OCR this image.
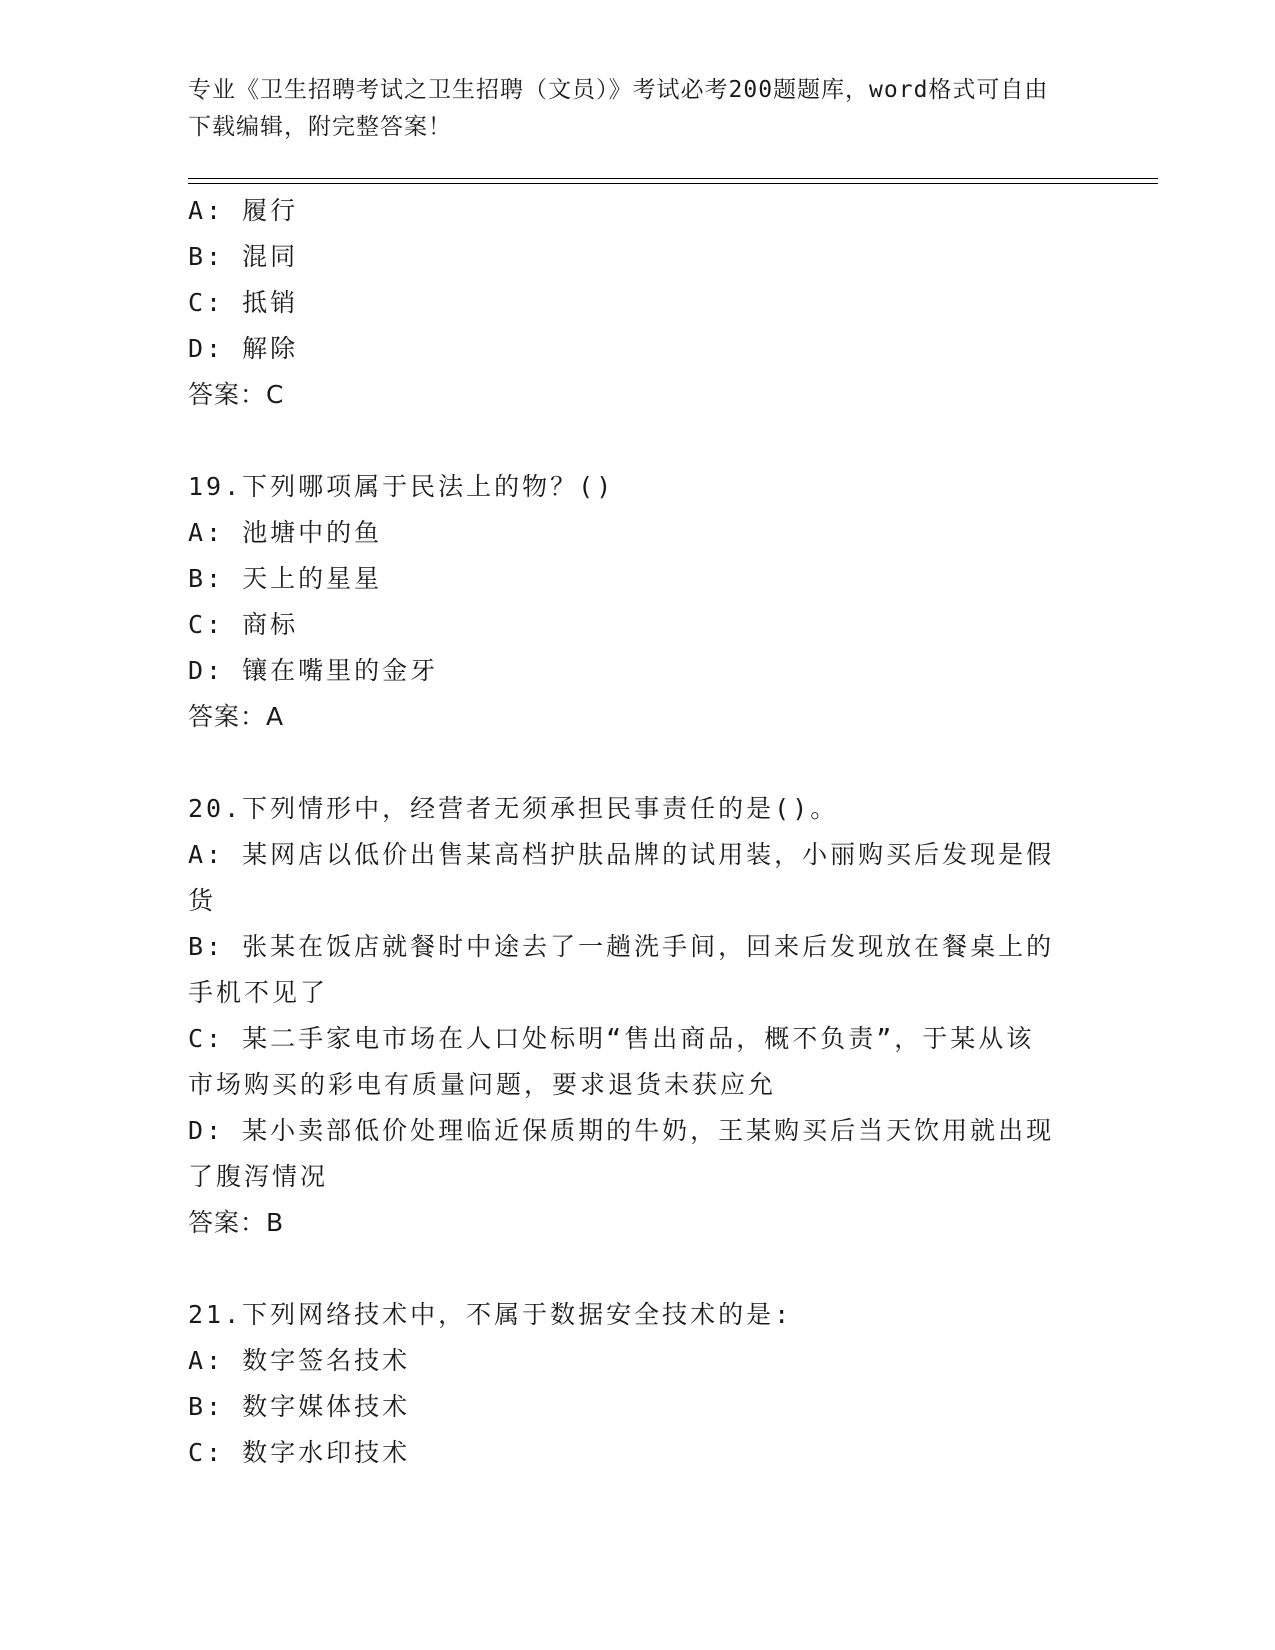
专业《卫生招聘考试之卫生招聘（文员）》考试必考200题题库，word格式可自由下载编辑，附完整答案！
A: 履行
B: 混同
C: 抵销
D: 解除
答案：C
19.下列哪项属于民法上的物？()
A: 池塘中的鱼
B: 天上的星星
C: 商标
D: 镶在嘴里的金牙
答案：A
20.下列情形中，经营者无须承担民事责任的是()。
A: 某网店以低价出售某高档护肤品牌的试用装，小丽购买后发现是假
货
B: 张某在饭店就餐时中途去了一趟洗手间，回来后发现放在餐桌上的
手机不见了
C: 某二手家电市场在人口处标明“售出商品，概不负责”，于某从该
市场购买的彩电有质量问题，要求退货未获应允
D: 某小卖部低价处理临近保质期的牛奶，王某购买后当天饮用就出现
了腹泻情况
答案：B
21.下列网络技术中，不属于数据安全技术的是:
A: 数字签名技术
B: 数字媒体技术
C: 数字水印技术
